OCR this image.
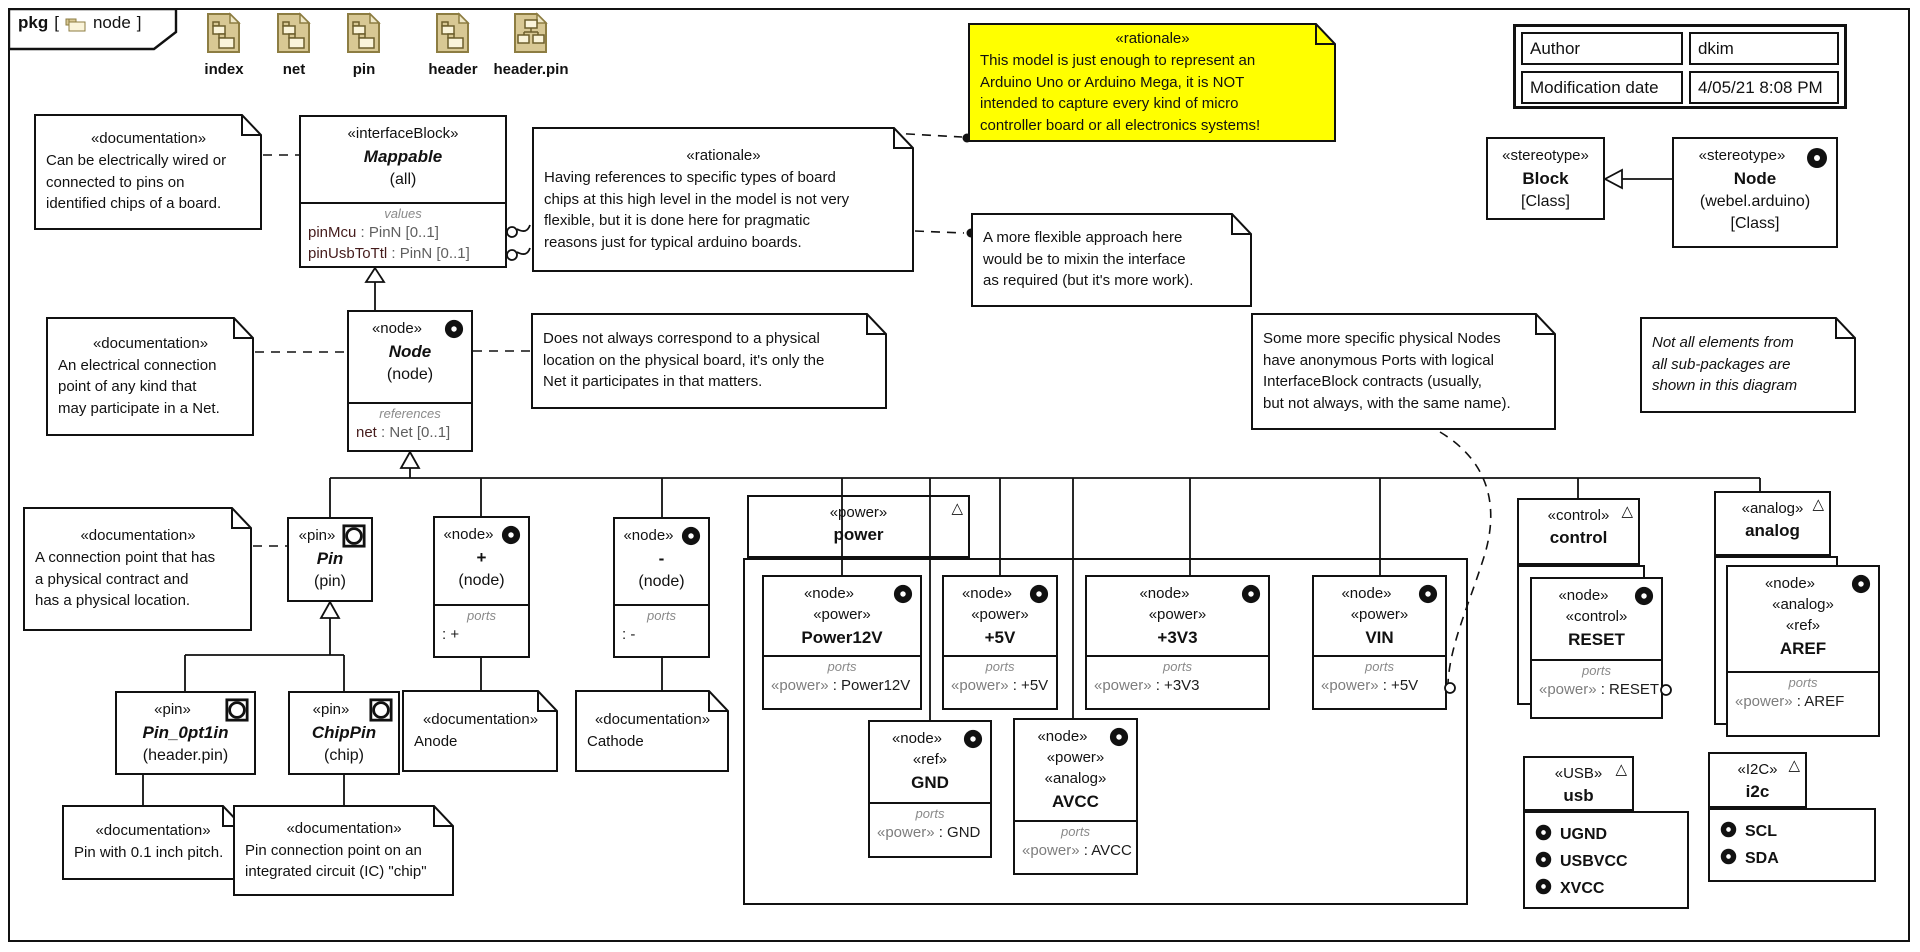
pkg [ node ]
Author	dkim
Modification date	4/05/21 8:08 PM
«power»
power
△	«control»
control
△	«analog»
analog
△
UGND
USBVCC
XVCC
«USB»
usb
△
SCL
SDA
«I2C»
i2c
△
«documentation»
Can be electrically wired or
connected to pins on
identified chips of a board.
«rationale»
Having references to specific types of board
chips at this high level in the model is not very
flexible, but it is done here for pragmatic
reasons just for typical arduino boards.
«rationale»
This model is just enough to represent an
Arduino Uno or Arduino Mega, it is NOT
intended to capture every kind of micro
controller board or all electronics systems!
A more flexible approach here
would be to mixin the interface
as required (but it's more work).
«documentation»
An electrical connection
point of any kind that
may participate in a Net.
Does not always correspond to a physical
location on the physical board, it's only the
Net it participates in that matters.
Some more specific physical Nodes
have anonymous Ports with logical
InterfaceBlock contracts (usually,
but not always, with the same name).
Not all elements from
all sub-packages are
shown in this diagram
«documentation»
A connection point that has
a physical contract and
has a physical location.
«documentation»
Anode
«documentation»
Cathode
«documentation»
Pin with 0.1 inch pitch.
«documentation»
Pin connection point on an
integrated circuit (IC) "chip"
«interfaceBlock»
Mappable
(all)
values
pinMcu : PinN [0..1]
pinUsbToTtl : PinN [0..1]
«node»
Node
(node)
references
net : Net [0..1]
«pin»
Pin
(pin)
«node»
+
(node)
ports
: +
«node»
-
(node)
ports
: -
«pin»
Pin_0pt1in
(header.pin)
«pin»
ChipPin
(chip)
«node»
«power»
Power12V
ports
«power» : Power12V
«node»
«power»
+5V
ports
«power» : +5V
«node»
«power»
+3V3
ports
«power» : +3V3
«node»
«power»
VIN
ports
«power» : +5V
«node»
«ref»
GND
ports
«power» : GND
«node»
«power»
«analog»
AVCC
ports
«power» : AVCC
«node»
«control»
RESET
ports
«power» : RESET
«node»
«analog»
«ref»
AREF
ports
«power» : AREF
«stereotype»
Block
[Class]
«stereotype»
Node
(webel.arduino)
[Class]
index	net	pin	header	header.pin
